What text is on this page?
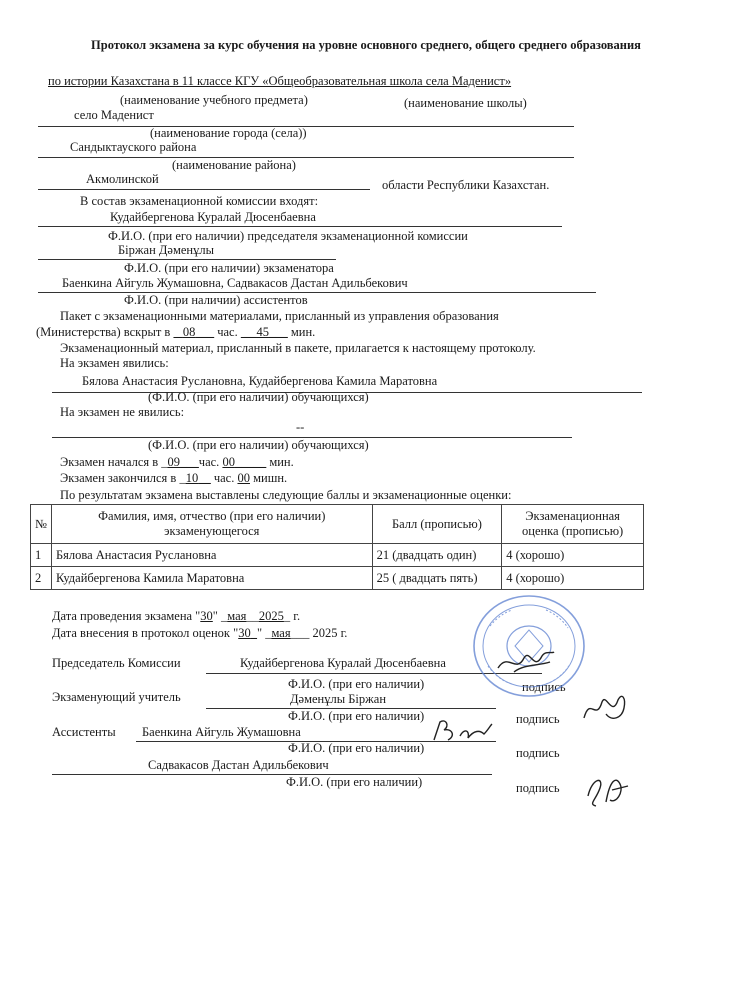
Протокол экзамена за курс обучения на уровне основного среднего, общего среднего образования
по истории Казахстана в 11 классе КГУ «Общеобразовательная школа села Маденист»
(наименование учебного предмета)	(наименование школы)
село Маденист
(наименование города (села))
Сандыктауского района
(наименование района)
Акмолинской	области Республики Казахстан.
В состав экзаменационной комиссии входят:
Кудайбергенова Куралай Дюсенбаевна
Ф.И.О. (при его наличии) председателя экзаменационной комиссии
Біржан Дәменұлы
Ф.И.О. (при его наличии) экзаменатора
Баенкина Айгуль Жумашовна, Садвакасов Дастан Адильбекович
Ф.И.О. (при наличии) ассистентов
Пакет с экзаменационными материалами, присланный из управления образования
(Министерства) вскрыт в  _08___ час.  __45___ мин.
Экзаменационный материал, присланный в пакете, прилагается к настоящему протоколу.
На экзамен явились:
Бялова Анастасия Руслановна, Кудайбергенова Камила Маратовна
(Ф.И.О. (при его наличии) обучающихся)
На экзамен не явились:
--
(Ф.И.О. (при его наличии) обучающихся)
Экзамен начался в _09___час. 00_____ мин.
Экзамен закончился в _10__ час. 00 мишн.
По результатам экзамена выставлены следующие баллы и экзаменационные оценки:
№	Фамилия, имя, отчество (при его наличии) экзаменующегося	Балл (прописью)	Экзаменационная оценка (прописью)
1	Бялова Анастасия Руслановна	21 (двадцать один)	4 (хорошо)
2	Кудайбергенова Камила Маратовна	25 ( двадцать пять)	4 (хорошо)
Дата проведения экзамена "30" _мая__2025_ г.
Дата внесения в протокол оценок "30_" _мая___ 2025 г.
Председатель Комиссии	Кудайбергенова Куралай Дюсенбаевна
Ф.И.О. (при его наличии)	подпись
Экзаменующий учитель	Дәменұлы Біржан
Ф.И.О. (при его наличии)	подпись
Ассистенты Баенкина Айгуль Жумашовна
Ф.И.О. (при его наличии)	подпись
Садвакасов Дастан Адильбекович
Ф.И.О. (при его наличии)	подпись
